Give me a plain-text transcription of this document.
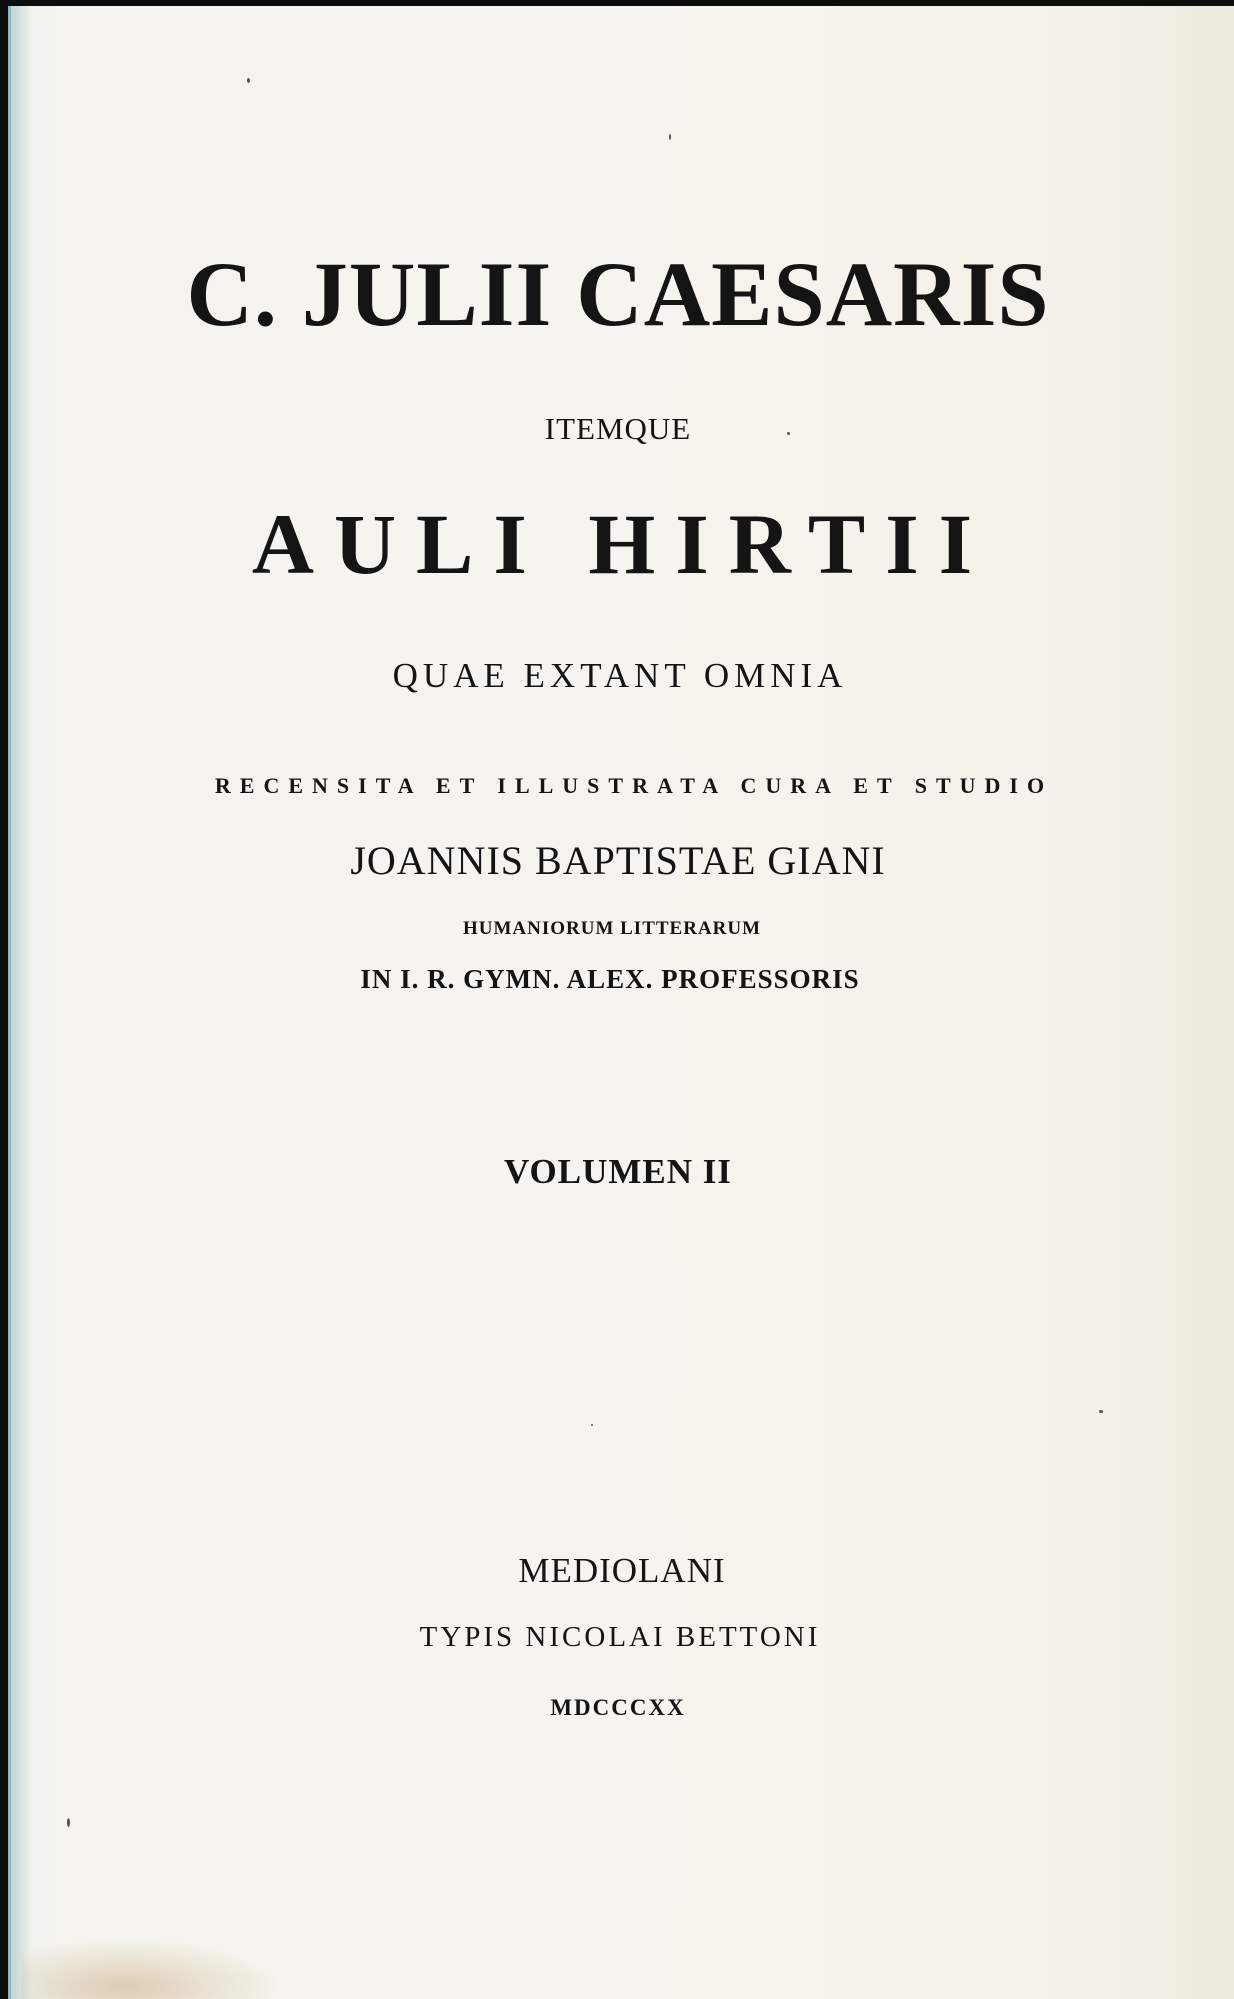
C. JULII CAESARIS
ITEMQUE
AULI HIRTII
QUAE EXTANT OMNIA
RECENSITA ET ILLUSTRATA CURA ET STUDIO
JOANNIS BAPTISTAE GIANI
HUMANIORUM LITTERARUM
IN I. R. GYMN. ALEX. PROFESSORIS
VOLUMEN II
MEDIOLANI
TYPIS NICOLAI BETTONI
MDCCCXX
